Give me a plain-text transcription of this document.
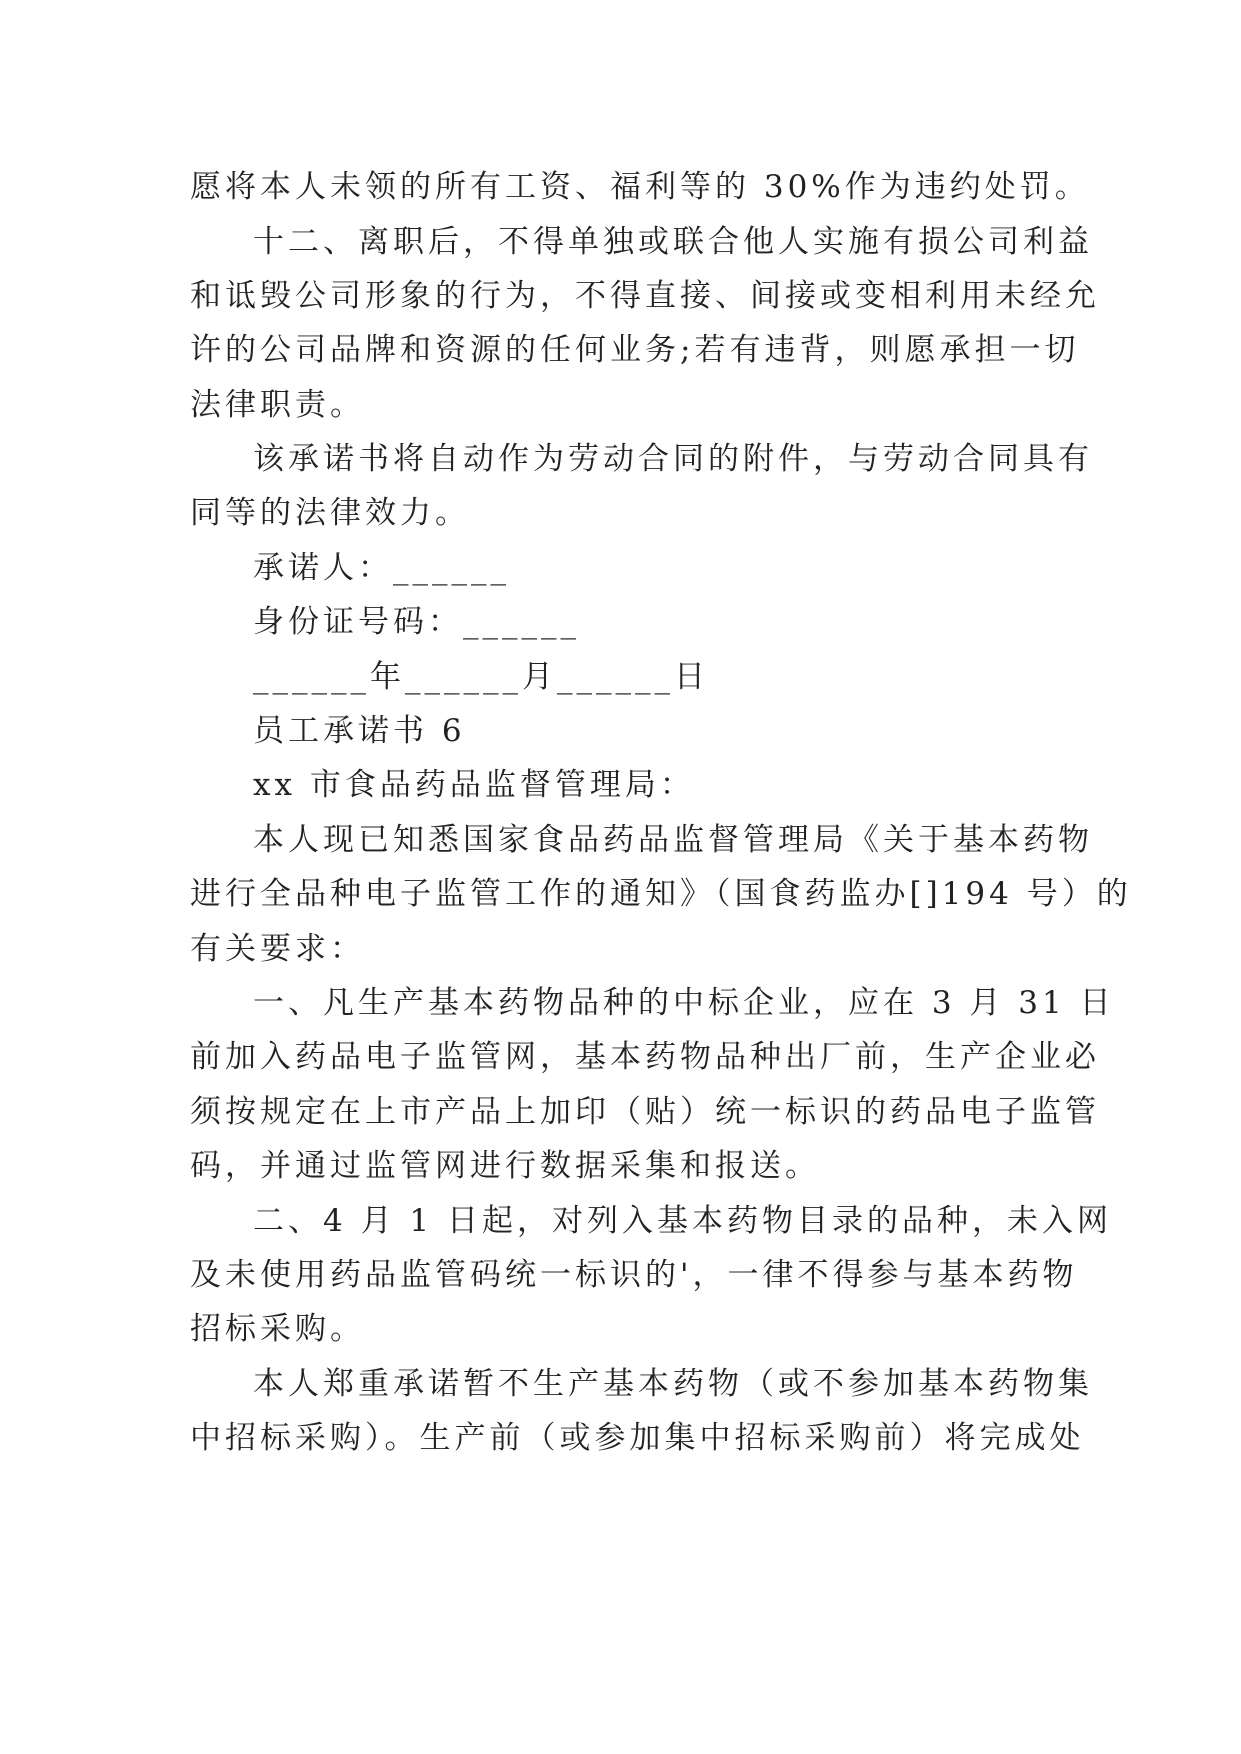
愿将本人未领的所有工资、福利等的 30%作为违约处罚。
十二、离职后，不得单独或联合他人实施有损公司利益
和诋毁公司形象的行为，不得直接、间接或变相利用未经允
许的公司品牌和资源的任何业务;若有违背，则愿承担一切
法律职责。
该承诺书将自动作为劳动合同的附件，与劳动合同具有
同等的法律效力。
承诺人：______
身份证号码：______
______年______月______日
员工承诺书 6
xx 市食品药品监督管理局：
本人现已知悉国家食品药品监督管理局《关于基本药物
进行全品种电子监管工作的通知》（国食药监办[]194 号）的
有关要求：
一、凡生产基本药物品种的中标企业，应在 3 月 31 日
前加入药品电子监管网，基本药物品种出厂前，生产企业必
须按规定在上市产品上加印（贴）统一标识的药品电子监管
码，并通过监管网进行数据采集和报送。
二、4 月 1 日起，对列入基本药物目录的品种，未入网
及未使用药品监管码统一标识的'，一律不得参与基本药物
招标采购。
本人郑重承诺暂不生产基本药物（或不参加基本药物集
中招标采购）。生产前（或参加集中招标采购前）将完成处
